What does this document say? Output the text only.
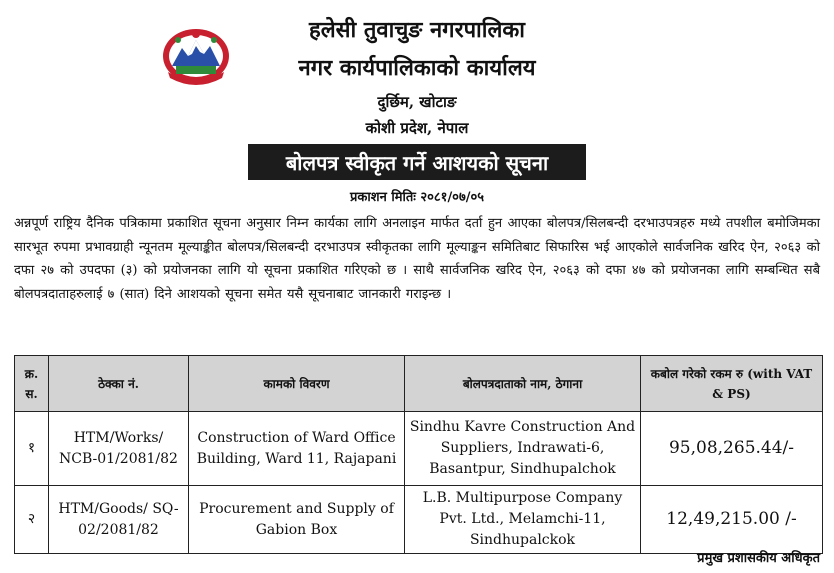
हलेसी तुवाचुङ नगरपालिका
नगर कार्यपालिकाको कार्यालय
दुर्छिम, खोटाङ
कोशी प्रदेश, नेपाल
बोलपत्र स्वीकृत गर्ने आशयको सूचना
प्रकाशन मितिः २०८१/०७/०५
अन्नपूर्ण राष्ट्रिय दैनिक पत्रिकामा प्रकाशित सूचना अनुसार निम्न कार्यका लागि अनलाइन मार्फत दर्ता हुन आएका बोलपत्र/सिलबन्दी दरभाउपत्रहरु मध्ये तपशील बमोजिमका सारभूत रुपमा प्रभावग्राही न्यूनतम मूल्याङ्कीत बोलपत्र/सिलबन्दी दरभाउपत्र स्वीकृतका लागि मूल्याङ्कन समितिबाट सिफारिस भई आएकोले सार्वजनिक खरिद ऐन, २०६३ को दफा २७ को उपदफा (३) को प्रयोजनका लागि यो सूचना प्रकाशित गरिएको छ । साथै सार्वजनिक खरिद ऐन, २०६३ को दफा ४७ को प्रयोजनका लागि सम्बन्धित सबै बोलपत्रदाताहरुलाई ७ (सात) दिने आशयको सूचना समेत यसै सूचनाबाट जानकारी गराइन्छ ।
क्र. स.	ठेक्का नं.	कामको विवरण	बोलपत्रदाताको नाम, ठेगाना	कबोल गरेको रकम रु (with VAT & PS)
१	HTM/Works/ NCB-01/2081/82	Construction of Ward Office Building, Ward 11, Rajapani	Sindhu Kavre Construction And Suppliers, Indrawati-6, Basantpur, Sindhupalchok	95,08,265.44/-
२	HTM/Goods/ SQ-02/2081/82	Procurement and Supply of Gabion Box	L.B. Multipurpose Company Pvt. Ltd., Melamchi-11, Sindhupalckok	12,49,215.00 /-
प्रमुख प्रशासकीय अधिकृत
